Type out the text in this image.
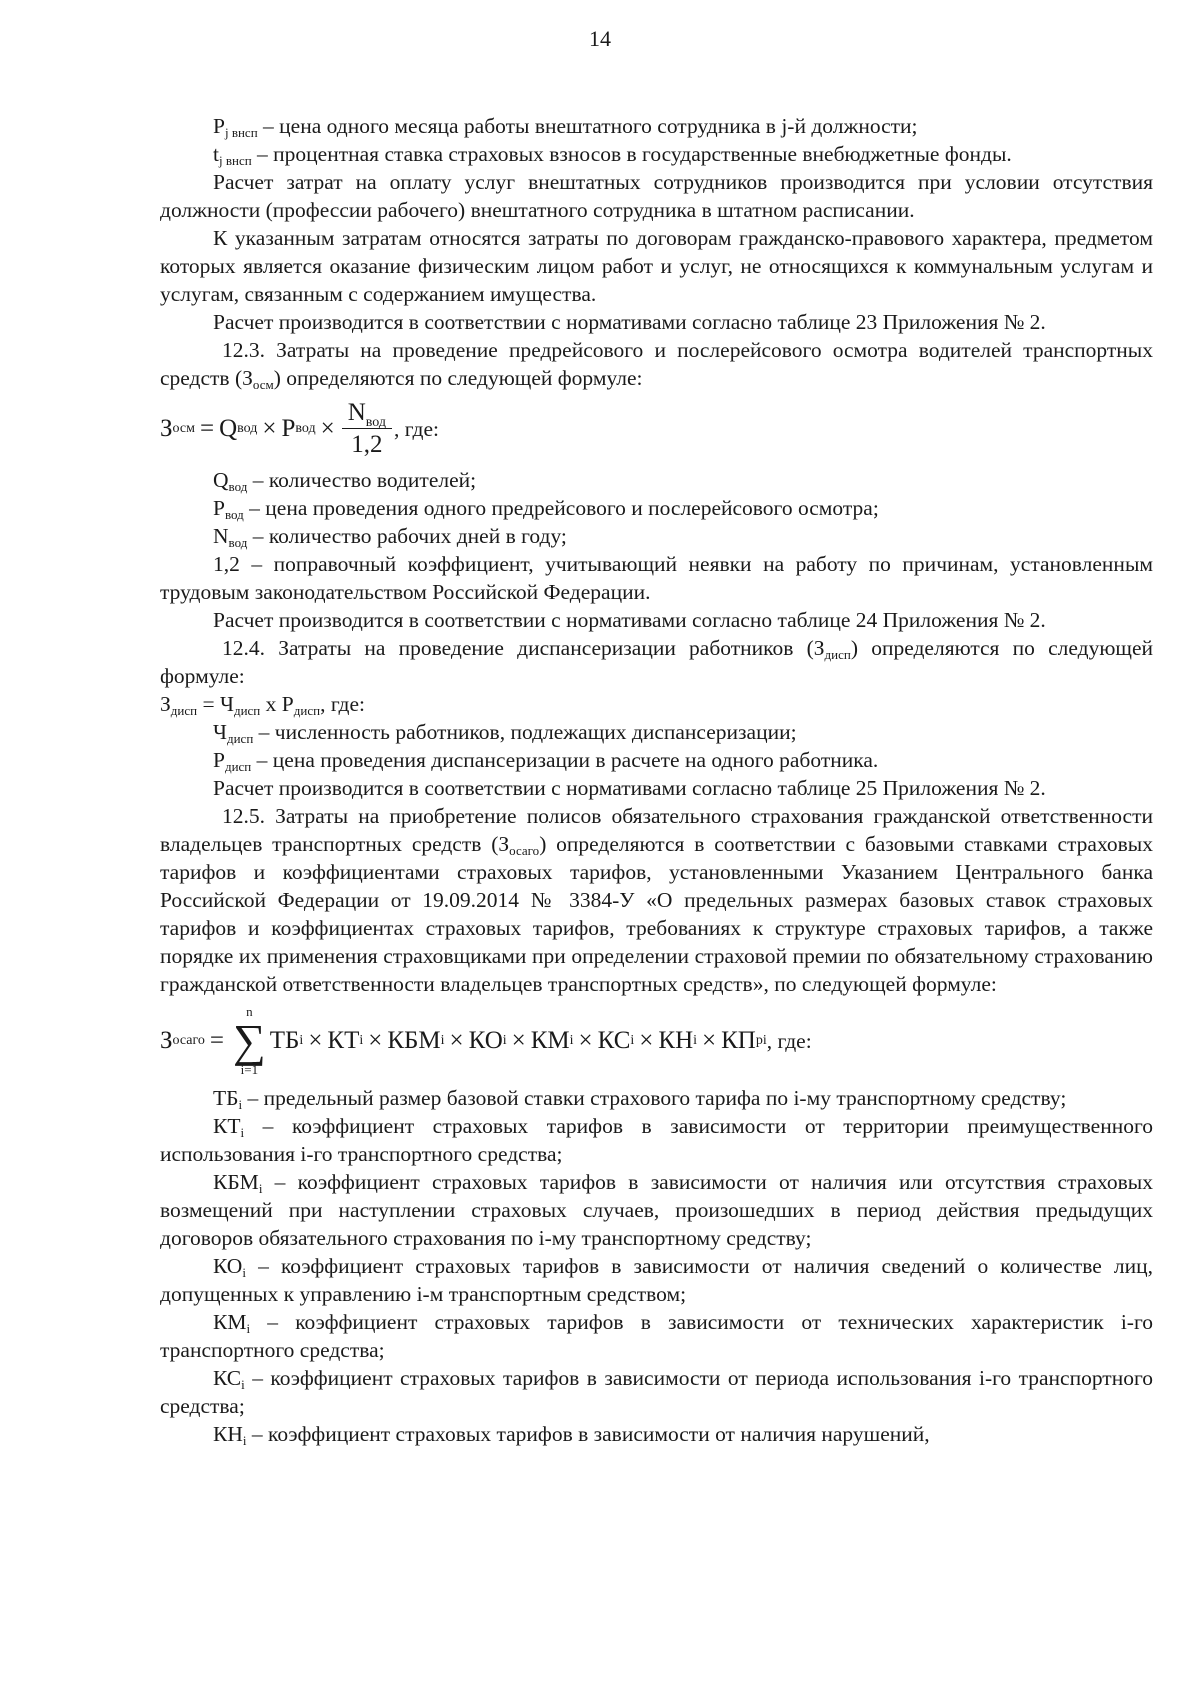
14

$P_{j внсп}$ – цена одного месяца работы внештатного сотрудника в j-й должности;

$t_{j внсп}$ – процентная ставка страховых взносов в государственные внебюджетные фонды.

Расчет затрат на оплату услуг внештатных сотрудников производится при условии отсутствия должности (профессии рабочего) внештатного сотрудника в штатном расписании.

К указанным затратам относятся затраты по договорам гражданско-правового характера, предметом которых является оказание физическим лицом работ и услуг, не относящихся к коммунальным услугам и услугам, связанным с содержанием имущества.

Расчет производится в соответствии с нормативами согласно таблице 23 Приложения № 2.

12.3. Затраты на проведение предрейсового и послерейсового осмотра водителей транспортных средств $(З_{осм})$ определяются по следующей формуле:

З осм = Q вод × P вод × $\frac{N_{вод}}{1,2}$ , где:

$Q_{вод}$ – количество водителей;

$P_{вод}$ – цена проведения одного предрейсового и послерейсового осмотра;

$N_{вод}$ – количество рабочих дней в году;

1,2 – поправочный коэффициент, учитывающий неявки на работу по причинам, установленным трудовым законодательством Российской Федерации.

Расчет производится в соответствии с нормативами согласно таблице 24 Приложения № 2.

12.4. Затраты на проведение диспансеризации работников $(З_{дисп})$ определяются по следующей формуле:

$З_{дисп} = Ч_{дисп}$ x $P_{дисп}$, где:

$Ч_{дисп}$ – численность работников, подлежащих диспансеризации;

$P_{дисп}$ – цена проведения диспансеризации в расчете на одного работника.

Расчет производится в соответствии с нормативами согласно таблице 25 Приложения № 2.

12.5. Затраты на приобретение полисов обязательного страхования гражданской ответственности владельцев транспортных средств $(З_{осаго})$ определяются в соответствии с базовыми ставками страховых тарифов и коэффициентами страховых тарифов, установленными Указанием Центрального банка Российской Федерации от 19.09.2014 № 3384-У «О предельных размерах базовых ставок страховых тарифов и коэффициентах страховых тарифов, требованиях к структуре страховых тарифов, а также порядке их применения страховщиками при определении страховой премии по обязательному страхованию гражданской ответственности владельцев транспортных средств», по следующей формуле:

З осаго =
n
∑
i=1
ТБ i × КТ i × КБМ i × КО i × КМ i × КС i × КН i × КП pi , где:

$ТБ_i$ – предельный размер базовой ставки страхового тарифа по i-му транспортному средству;

$КТ_i$ – коэффициент страховых тарифов в зависимости от территории преимущественного использования i-го транспортного средства;

$КБМ_i$ – коэффициент страховых тарифов в зависимости от наличия или отсутствия страховых возмещений при наступлении страховых случаев, произошедших в период действия предыдущих договоров обязательного страхования по i-му транспортному средству;

$КО_i$ – коэффициент страховых тарифов в зависимости от наличия сведений о количестве лиц, допущенных к управлению i-м транспортным средством;

$КМ_i$ – коэффициент страховых тарифов в зависимости от технических характеристик i-го транспортного средства;

$КС_i$ – коэффициент страховых тарифов в зависимости от периода использования i-го транспортного средства;

$КН_i$ – коэффициент страховых тарифов в зависимости от наличия нарушений,
